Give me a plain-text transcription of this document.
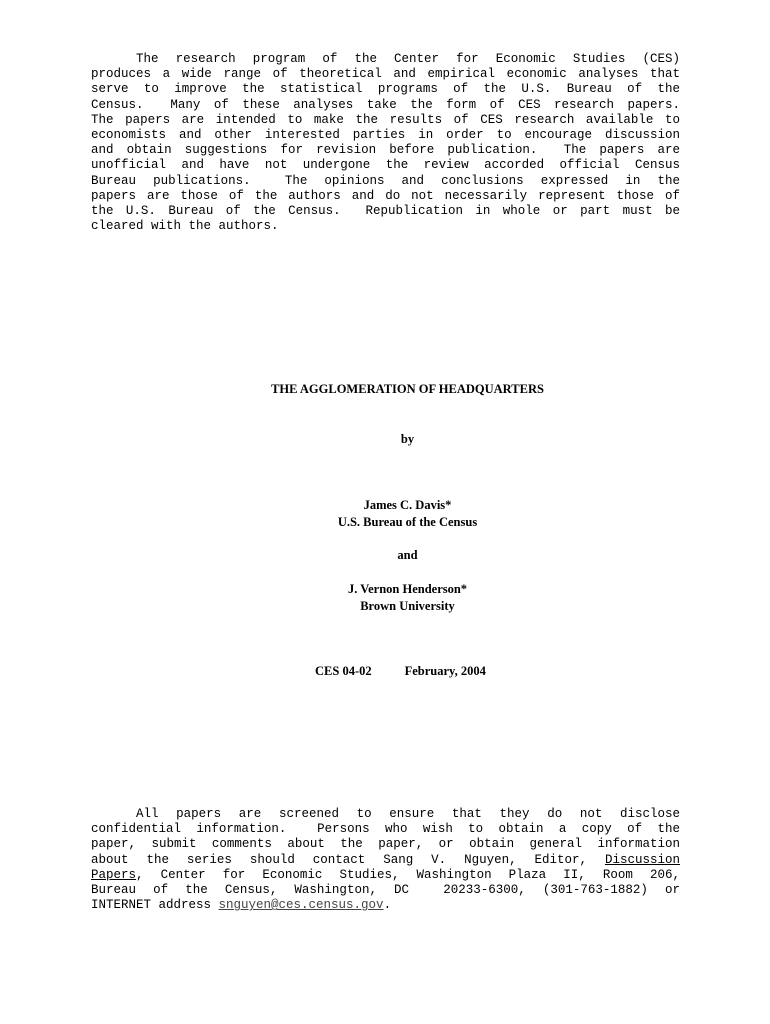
The research program of the Center for Economic Studies (CES)
produces a wide range of theoretical and empirical economic analyses that
serve to improve the statistical programs of the U.S. Bureau of the
Census.  Many of these analyses take the form of CES research papers.
The papers are intended to make the results of CES research available to
economists and other interested parties in order to encourage discussion
and obtain suggestions for revision before publication.  The papers are
unofficial and have not undergone the review accorded official Census
Bureau publications.  The opinions and conclusions expressed in the
papers are those of the authors and do not necessarily represent those of
the U.S. Bureau of the Census.  Republication in whole or part must be
cleared with the authors.
THE AGGLOMERATION OF HEADQUARTERS
by
James C. Davis*
U.S. Bureau of the Census
and
J. Vernon Henderson*
Brown University
CES 04-02	February, 2004
All papers are screened to ensure that they do not disclose
confidential information.  Persons who wish to obtain a copy of the
paper, submit comments about the paper, or obtain general information
about the series should contact Sang V. Nguyen, Editor, Discussion
Papers, Center for Economic Studies, Washington Plaza II, Room 206,
Bureau of the Census, Washington, DC  20233-6300, (301-763-1882) or
INTERNET address snguyen@ces.census.gov.
